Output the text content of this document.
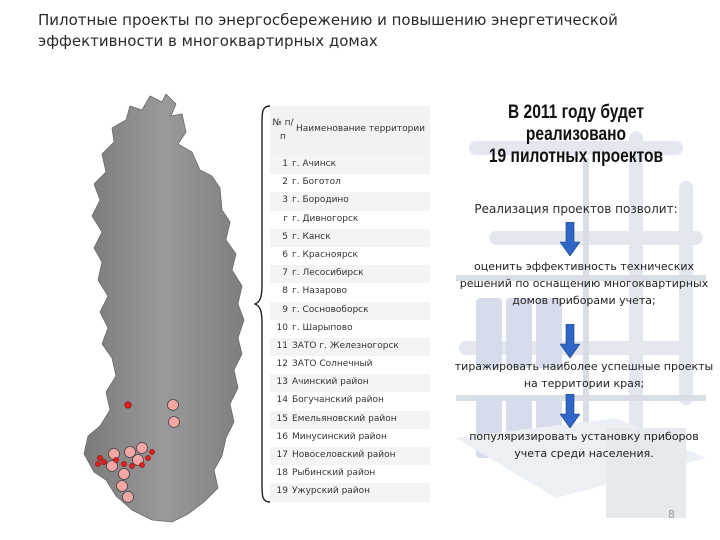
Пилотные проекты по энергосбережению и повышению энергетической эффективности в многоквартирных домах
№ п/п
Наименование территории
1 г. Ачинск
2 г. Боготол
3 г. Бородино
г г. Дивногорск
5 г. Канск
6 г. Красноярск
7 г. Лесосибирск
8 г. Назарово
9 г. Сосновоборск
10 г. Шарыпово
11 ЗАТО г. Железногорск
12 ЗАТО Солнечный
13 Ачинский район
14 Богучанский район
15 Емельяновский район
16 Минусинский район
17 Новоселовский район
18 Рыбинский район
19 Ужурский район
В 2011 году будет реализовано
19 пилотных проектов
Реализация проектов позволит:
оценить эффективность технических решений по оснащению многоквартирных домов приборами учета;
тиражировать наиболее успешные проекты на территории края;
популяризировать установку приборов учета среди населения.
8
